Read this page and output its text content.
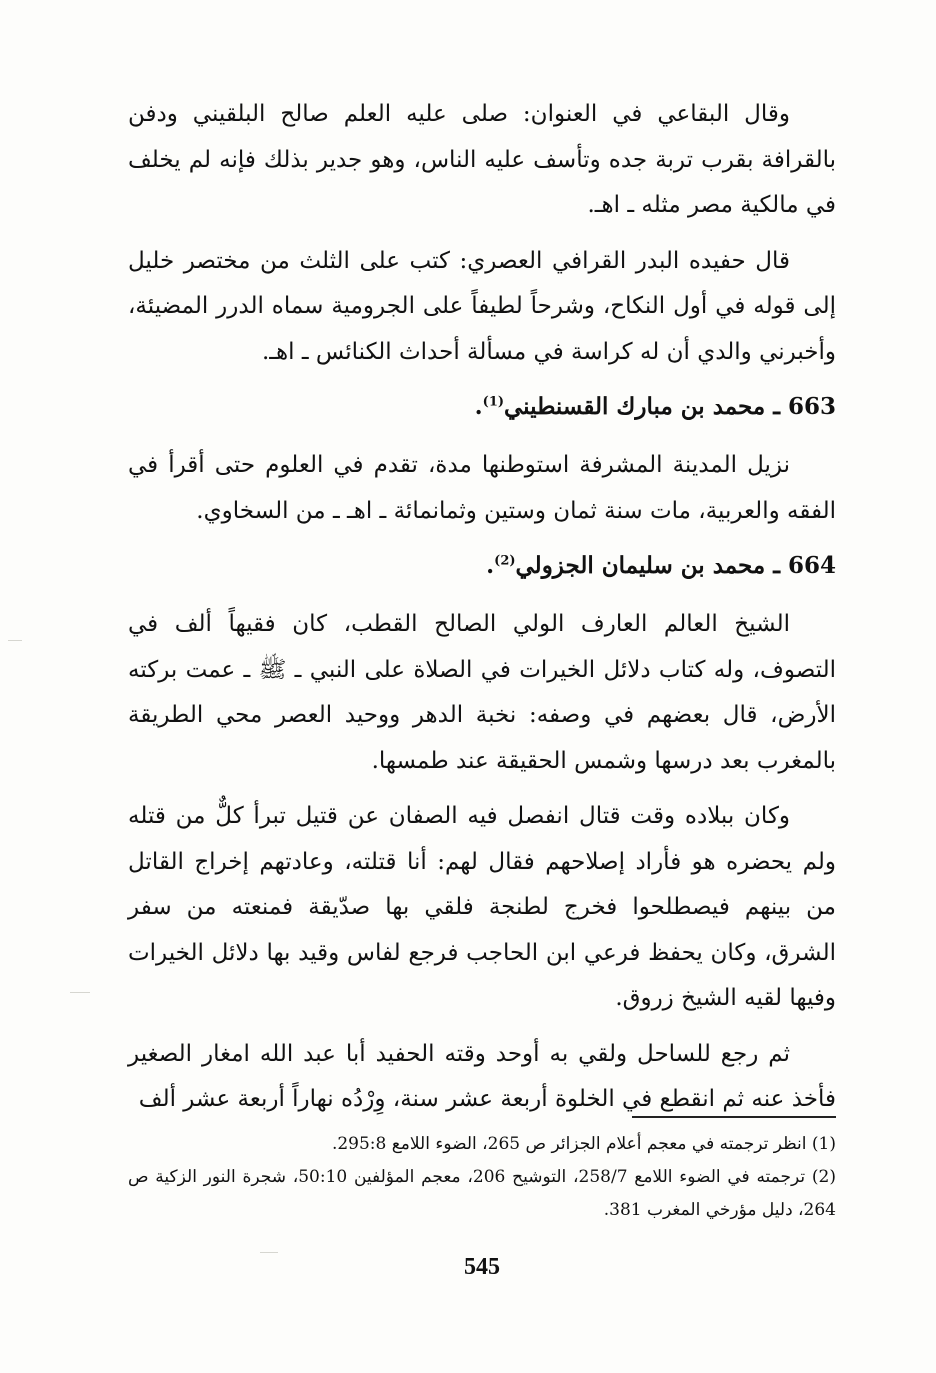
وقال البقاعي في العنوان: صلى عليه العلم صالح البلقيني ودفن بالقرافة بقرب تربة جده وتأسف عليه الناس، وهو جدير بذلك فإنه لم يخلف في مالكية مصر مثله ـ اهـ.

قال حفيده البدر القرافي العصري: كتب على الثلث من مختصر خليل إلى قوله في أول النكاح، وشرحاً لطيفاً على الجرومية سماه الدرر المضيئة، وأخبرني والدي أن له كراسة في مسألة أحداث الكنائس ـ اهـ.

663 ـ محمد بن مبارك القسنطيني$^{(1)}$.

نزيل المدينة المشرفة استوطنها مدة، تقدم في العلوم حتى أقرأ في الفقه والعربية، مات سنة ثمان وستين وثمانمائة ـ اهـ ـ من السخاوي.

664 ـ محمد بن سليمان الجزولي$^{(2)}$.

الشيخ العالم العارف الولي الصالح القطب، كان فقيهاً ألف في التصوف، وله كتاب دلائل الخيرات في الصلاة على النبي ـ ﷺ ـ عمت بركته الأرض، قال بعضهم في وصفه: نخبة الدهر ووحيد العصر محي الطريقة بالمغرب بعد درسها وشمس الحقيقة عند طمسها.

وكان ببلاده وقت قتال انفصل فيه الصفان عن قتيل تبرأ كلٌّ من قتله ولم يحضره هو فأراد إصلاحهم فقال لهم: أنا قتلته، وعادتهم إخراج القاتل من بينهم فيصطلحوا فخرج لطنجة فلقي بها صدّيقة فمنعته من سفر الشرق، وكان يحفظ فرعي ابن الحاجب فرجع لفاس وقيد بها دلائل الخيرات وفيها لقيه الشيخ زروق.

ثم رجع للساحل ولقي به أوحد وقته الحفيد أبا عبد الله امغار الصغير فأخذ عنه ثم انقطع في الخلوة أربعة عشر سنة، وِرْدُه نهاراً أربعة عشر ألف

(1) انظر ترجمته في معجم أعلام الجزائر ص 265، الضوء اللامع 295:8.

(2) ترجمته في الضوء اللامع 258/7، التوشيح 206، معجم المؤلفين 50:10، شجرة النور الزكية ص 264، دليل مؤرخي المغرب 381.

545
